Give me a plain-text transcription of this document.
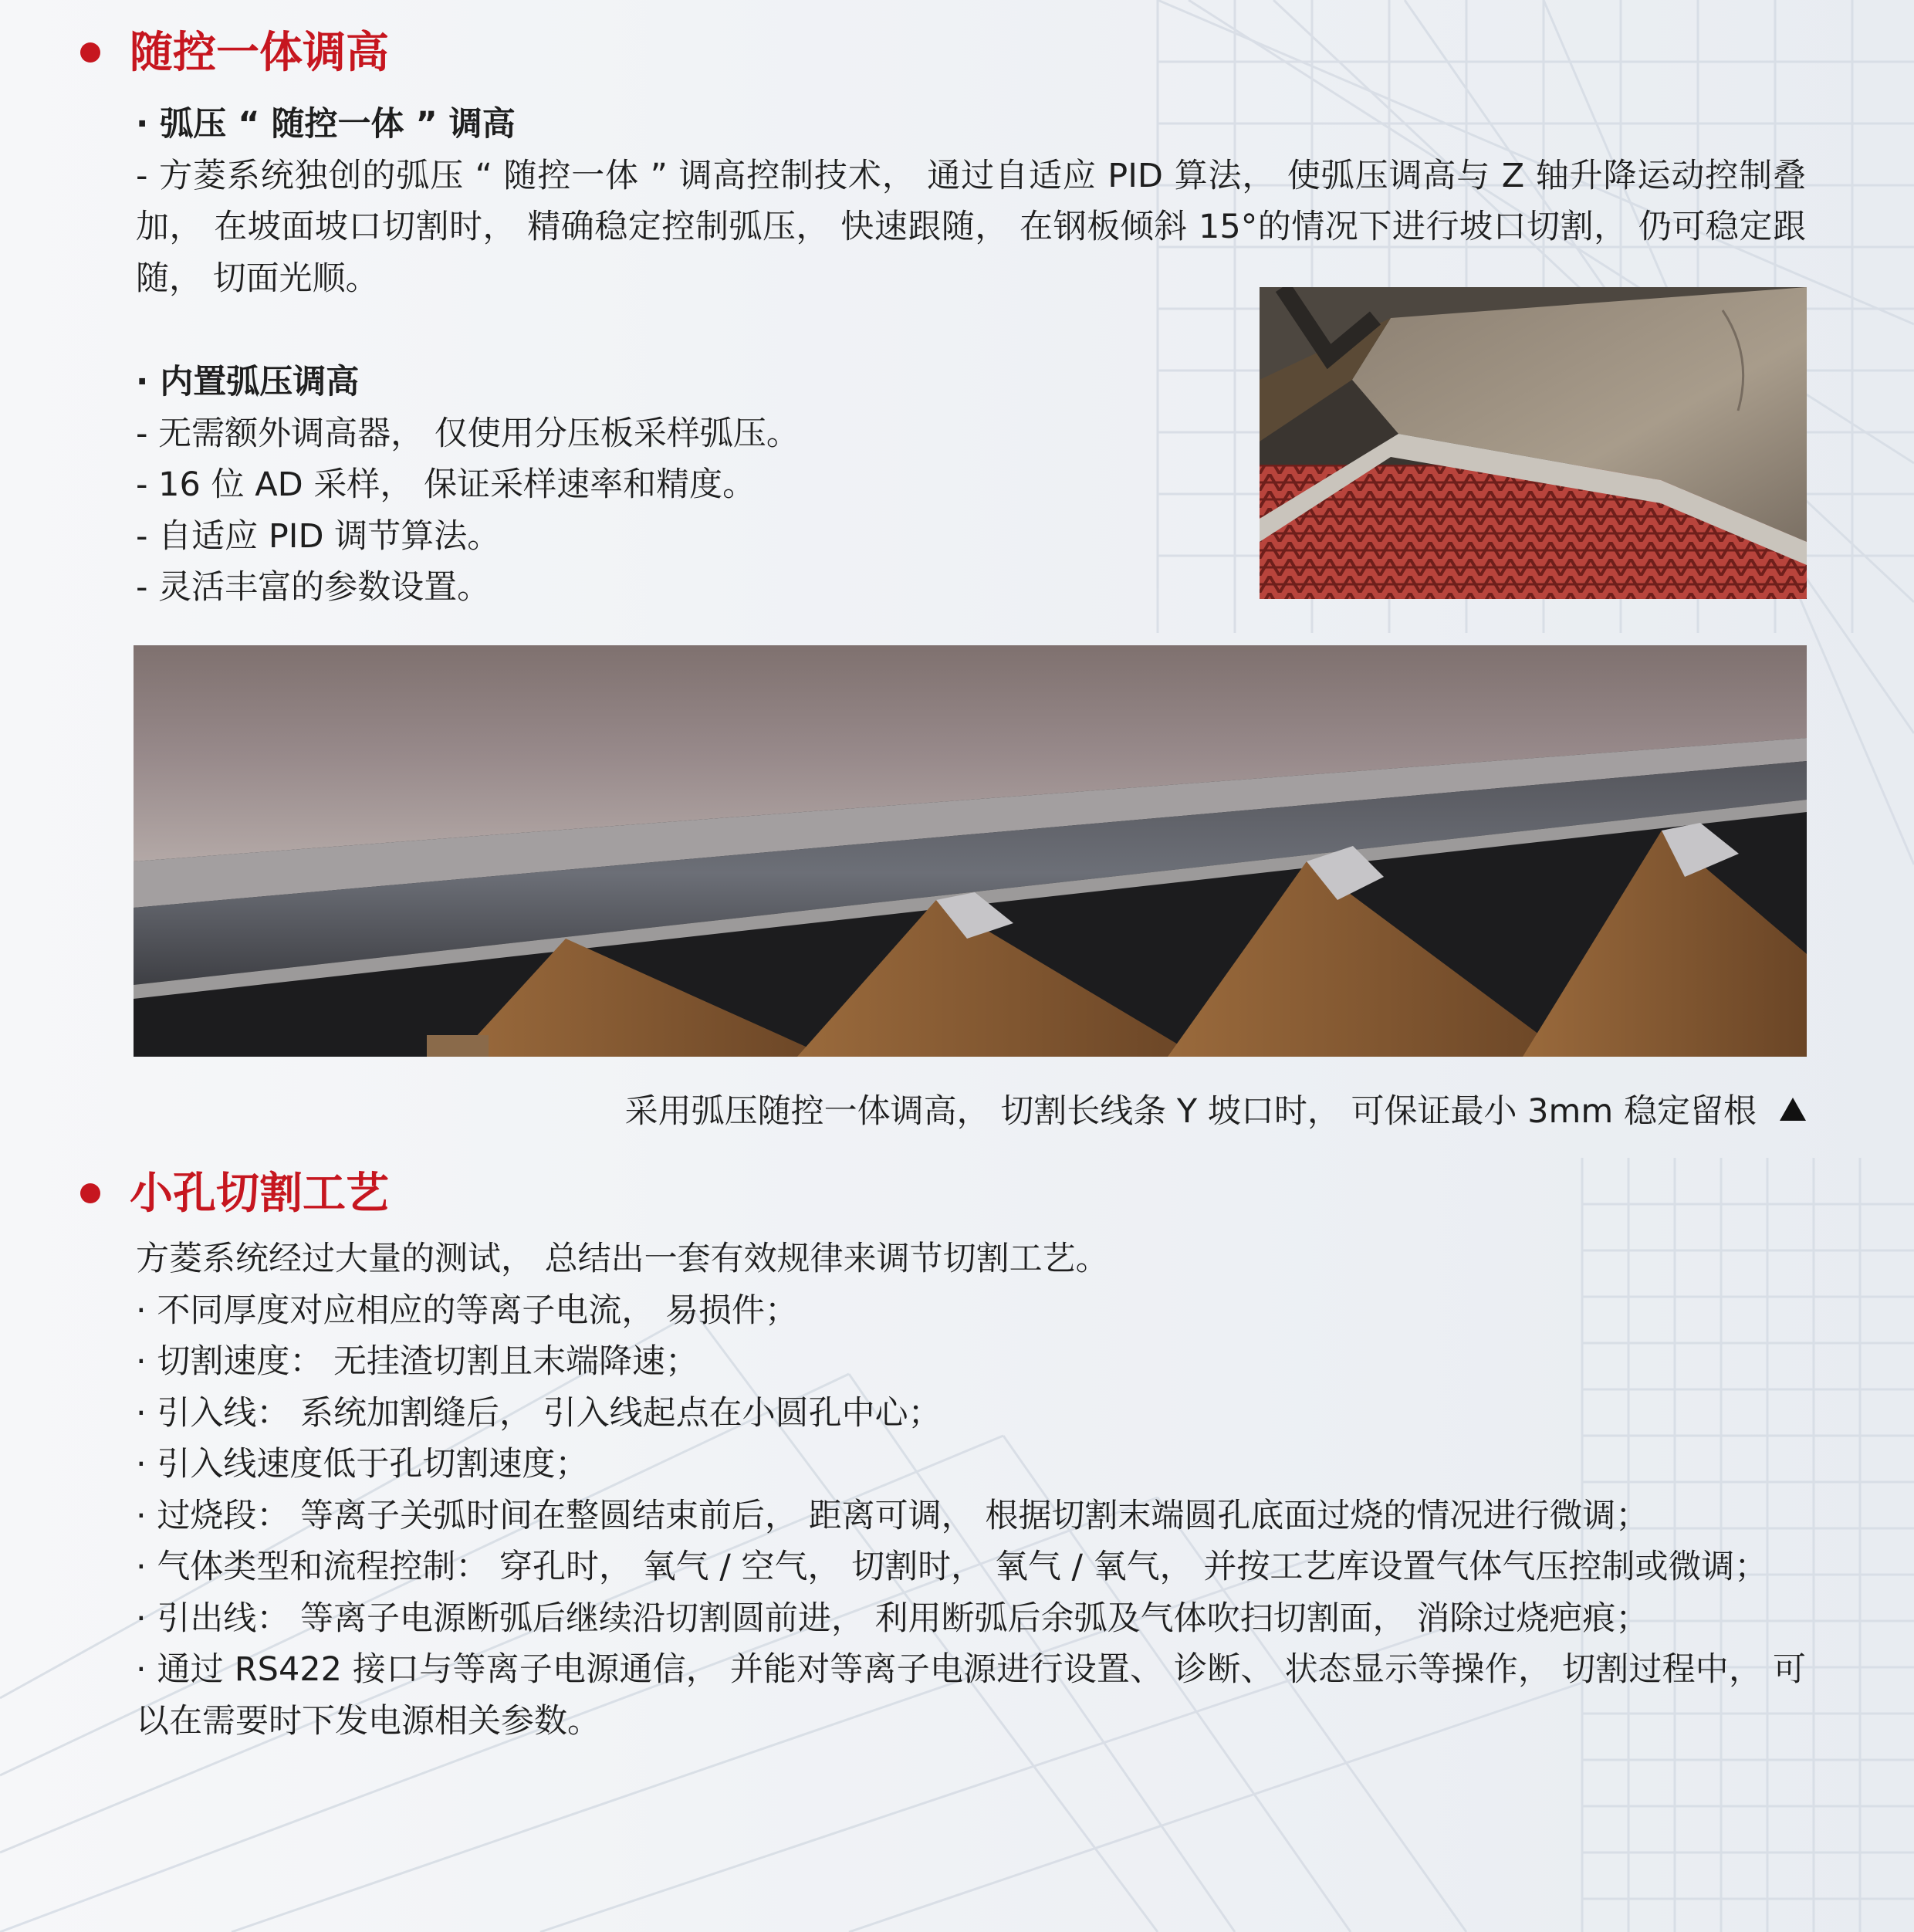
随控一体调高
· 弧压 “ 随控一体 ” 调高
- 方菱系统独创的弧压 “ 随控一体 ” 调高控制技术， 通过自适应 PID 算法， 使弧压调高与 Z 轴升降运动控制叠加， 在坡面坡口切割时， 精确稳定控制弧压， 快速跟随， 在钢板倾斜 15°的情况下进行坡口切割， 仍可稳定跟随， 切面光顺。
· 内置弧压调高
- 无需额外调高器， 仅使用分压板采样弧压。
- 16 位 AD 采样， 保证采样速率和精度。
- 自适应 PID 调节算法。
- 灵活丰富的参数设置。
采用弧压随控一体调高， 切割长线条 Y 坡口时， 可保证最小 3mm 稳定留根
小孔切割工艺
方菱系统经过大量的测试， 总结出一套有效规律来调节切割工艺。
· 不同厚度对应相应的等离子电流， 易损件；
· 切割速度： 无挂渣切割且末端降速；
· 引入线： 系统加割缝后， 引入线起点在小圆孔中心；
· 引入线速度低于孔切割速度；
· 过烧段： 等离子关弧时间在整圆结束前后， 距离可调， 根据切割末端圆孔底面过烧的情况进行微调；
· 气体类型和流程控制： 穿孔时， 氧气 / 空气， 切割时， 氧气 / 氧气， 并按工艺库设置气体气压控制或微调；
· 引出线： 等离子电源断弧后继续沿切割圆前进， 利用断弧后余弧及气体吹扫切割面， 消除过烧疤痕；
· 通过 RS422 接口与等离子电源通信， 并能对等离子电源进行设置、 诊断、 状态显示等操作， 切割过程中， 可以在需要时下发电源相关参数。
